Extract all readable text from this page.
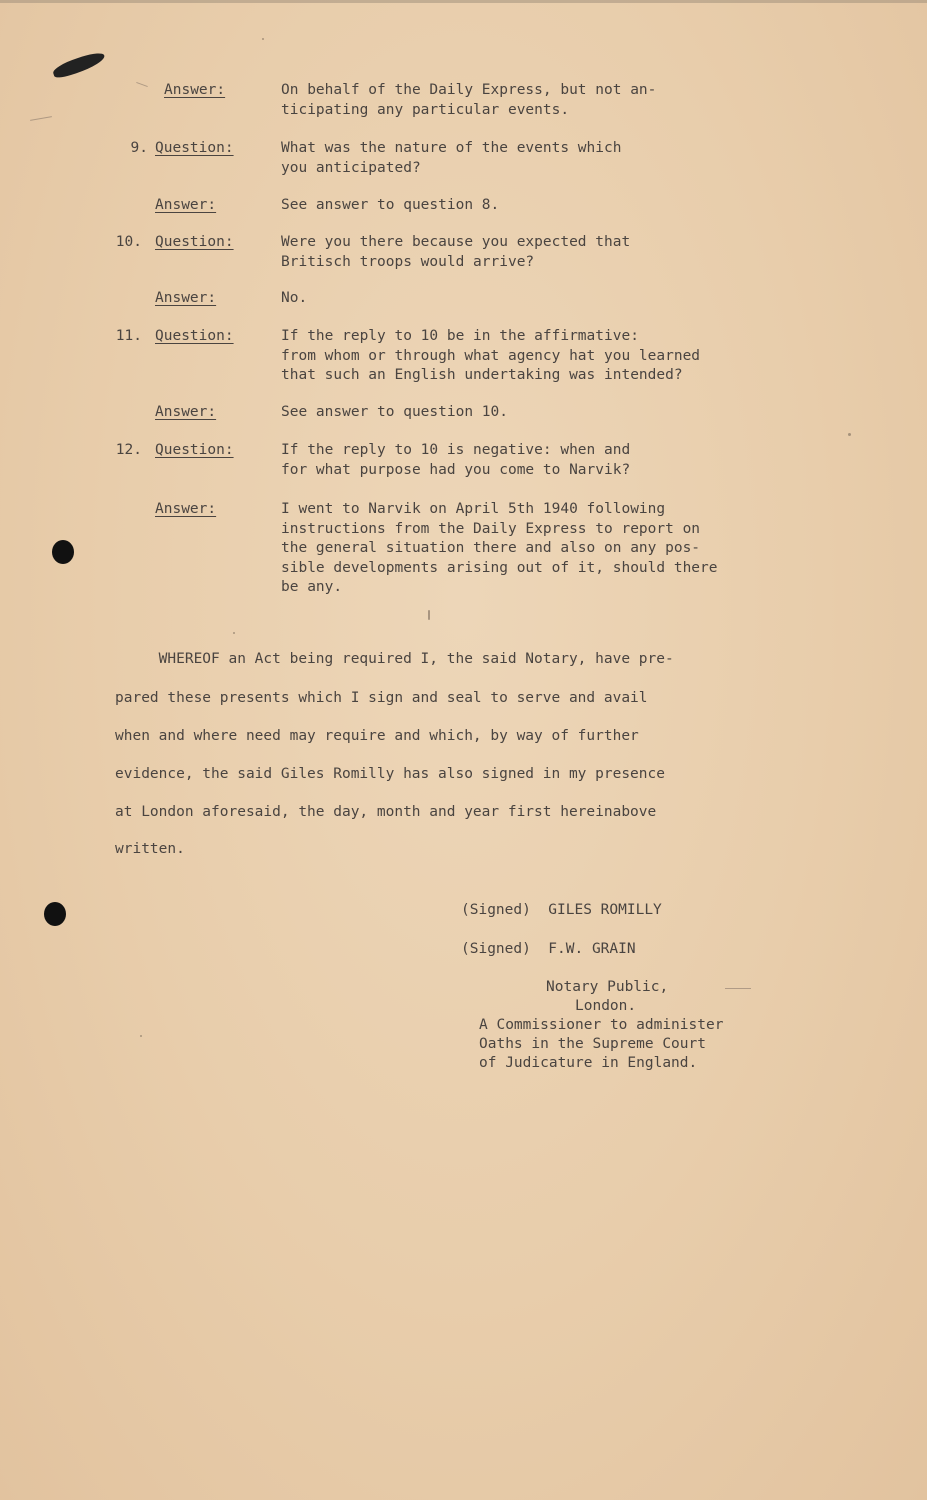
Answer:	On behalf of the Daily Express, but not an-
ticipating any particular events.
9. Question:	What was the nature of the events which
you anticipated?
Answer:	See answer to question 8.
10. Question:	Were you there because you expected that
Britisch troops would arrive?
Answer:	No.
11. Question:	If the reply to 10 be in the affirmative:
from whom or through what agency hat you learned
that such an English undertaking was intended?
Answer:	See answer to question 10.
12. Question:	If the reply to 10 is negative: when and
for what purpose had you come to Narvik?
Answer:	I went to Narvik on April 5th 1940 following
instructions from the Daily Express to report on
the general situation there and also on any pos-
sible developments arising out of it, should there
be any.
WHEREOF an Act being required I, the said Notary, have pre-
pared these presents which I sign and seal to serve and avail
when and where need may require and which, by way of further
evidence, the said Giles Romilly has also signed in my presence
at London aforesaid, the day, month and year first hereinabove
written.
(Signed)  GILES ROMILLY
(Signed)  F.W. GRAIN
Notary Public,
London.
A Commissioner to administer
Oaths in the Supreme Court
of Judicature in England.
